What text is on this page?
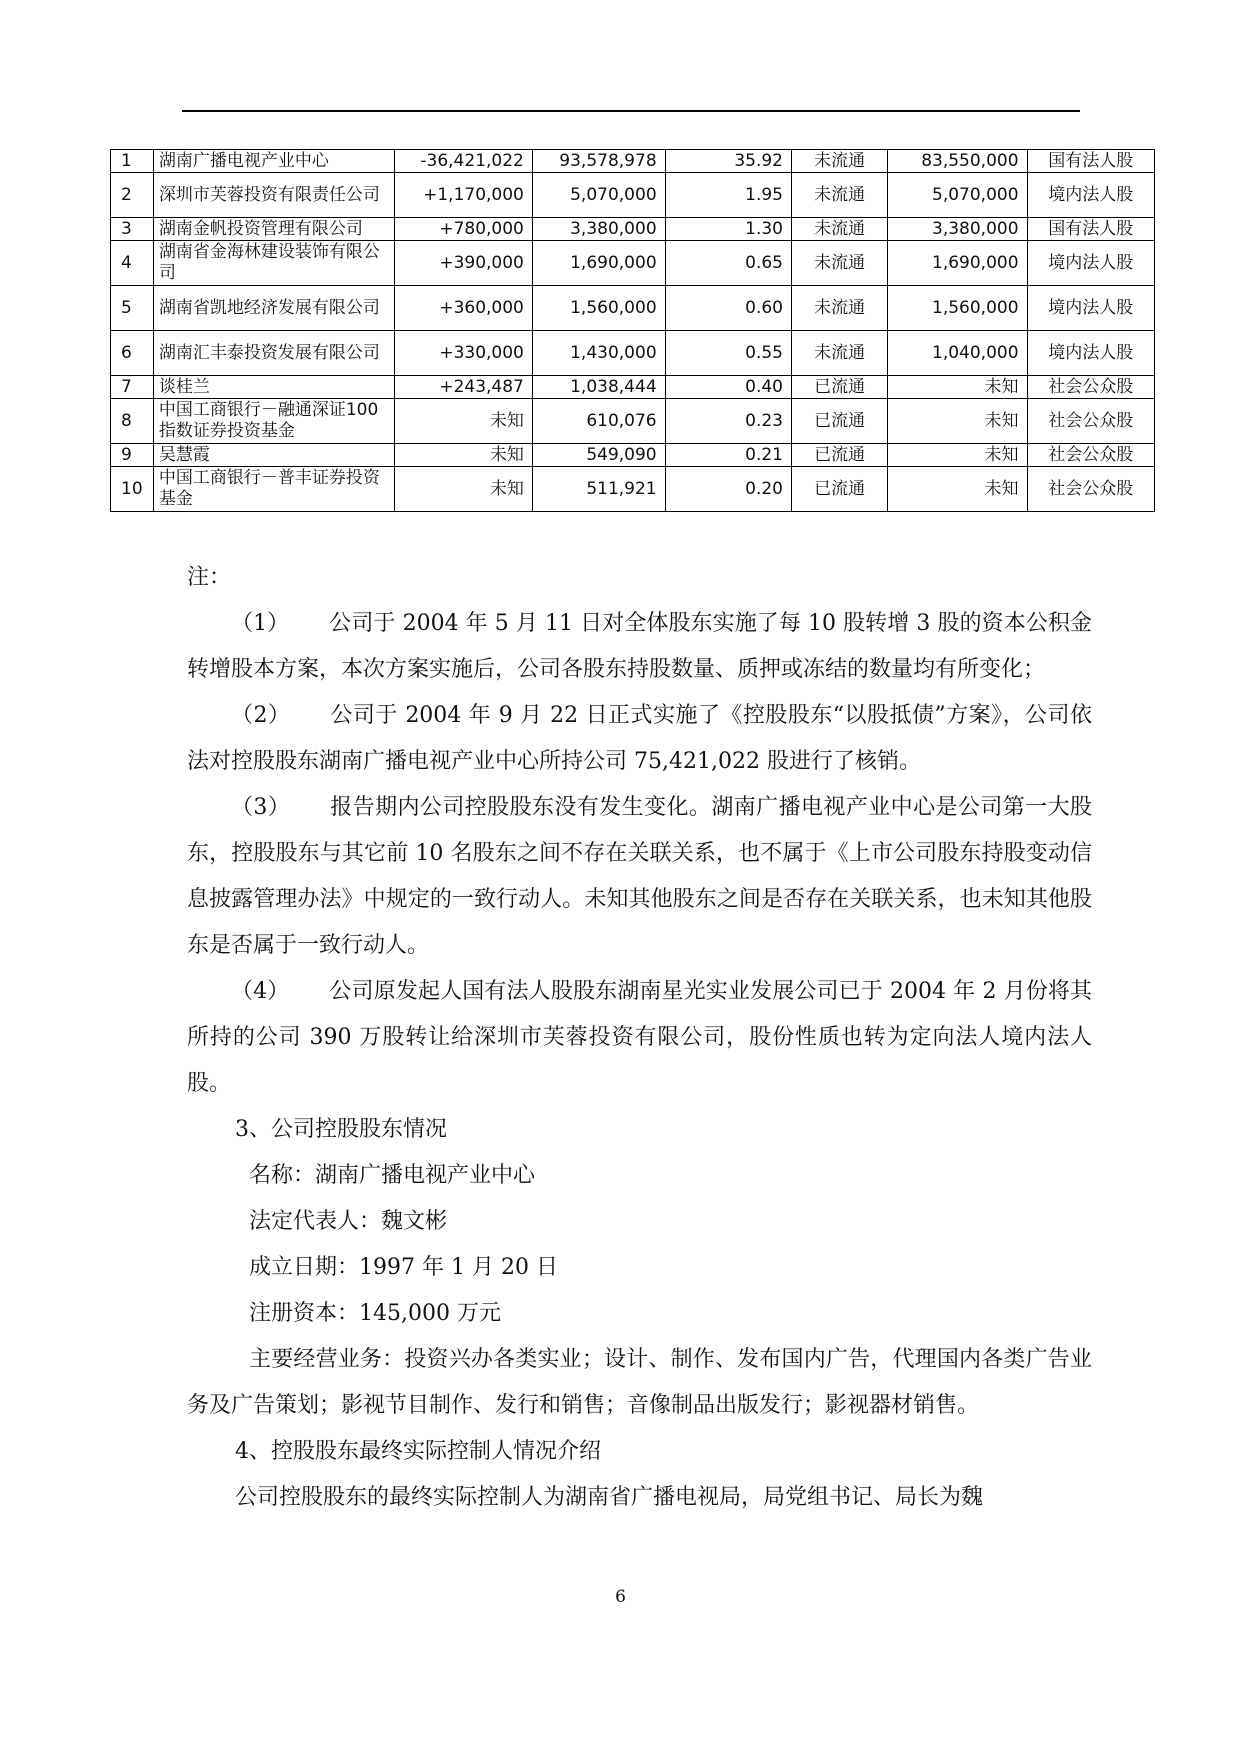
1	湖南广播电视产业中心	-36,421,022	93,578,978	35.92	未流通	83,550,000	国有法人股
2	深圳市芙蓉投资有限责任公司	+1,170,000	5,070,000	1.95	未流通	5,070,000	境内法人股
3	湖南金帆投资管理有限公司	+780,000	3,380,000	1.30	未流通	3,380,000	国有法人股
4	湖南省金海林建设装饰有限公司	+390,000	1,690,000	0.65	未流通	1,690,000	境内法人股
5	湖南省凯地经济发展有限公司	+360,000	1,560,000	0.60	未流通	1,560,000	境内法人股
6	湖南汇丰泰投资发展有限公司	+330,000	1,430,000	0.55	未流通	1,040,000	境内法人股
7	谈桂兰	+243,487	1,038,444	0.40	已流通	未知	社会公众股
8	中国工商银行－融通深证100指数证券投资基金	未知	610,076	0.23	已流通	未知	社会公众股
9	吴慧霞	未知	549,090	0.21	已流通	未知	社会公众股
10	中国工商银行－普丰证券投资基金	未知	511,921	0.20	已流通	未知	社会公众股

注：

（1） 公司于 2004 年 5 月 11 日对全体股东实施了每 10 股转增 3 股的资本公积金转增股本方案，本次方案实施后，公司各股东持股数量、质押或冻结的数量均有所变化；

（2） 公司于 2004 年 9 月 22 日正式实施了《控股股东“以股抵债”方案》，公司依法对控股股东湖南广播电视产业中心所持公司 75,421,022 股进行了核销。

（3） 报告期内公司控股股东没有发生变化。湖南广播电视产业中心是公司第一大股东，控股股东与其它前 10 名股东之间不存在关联关系，也不属于《上市公司股东持股变动信息披露管理办法》中规定的一致行动人。未知其他股东之间是否存在关联关系，也未知其他股东是否属于一致行动人。

（4） 公司原发起人国有法人股股东湖南星光实业发展公司已于 2004 年 2 月份将其所持的公司 390 万股转让给深圳市芙蓉投资有限公司，股份性质也转为定向法人境内法人股。

3、公司控股股东情况

名称：湖南广播电视产业中心

法定代表人：魏文彬

成立日期：1997 年 1 月 20 日

注册资本：145,000 万元

主要经营业务：投资兴办各类实业；设计、制作、发布国内广告，代理国内各类广告业务及广告策划；影视节目制作、发行和销售；音像制品出版发行；影视器材销售。

4、控股股东最终实际控制人情况介绍

公司控股股东的最终实际控制人为湖南省广播电视局，局党组书记、局长为魏

6
